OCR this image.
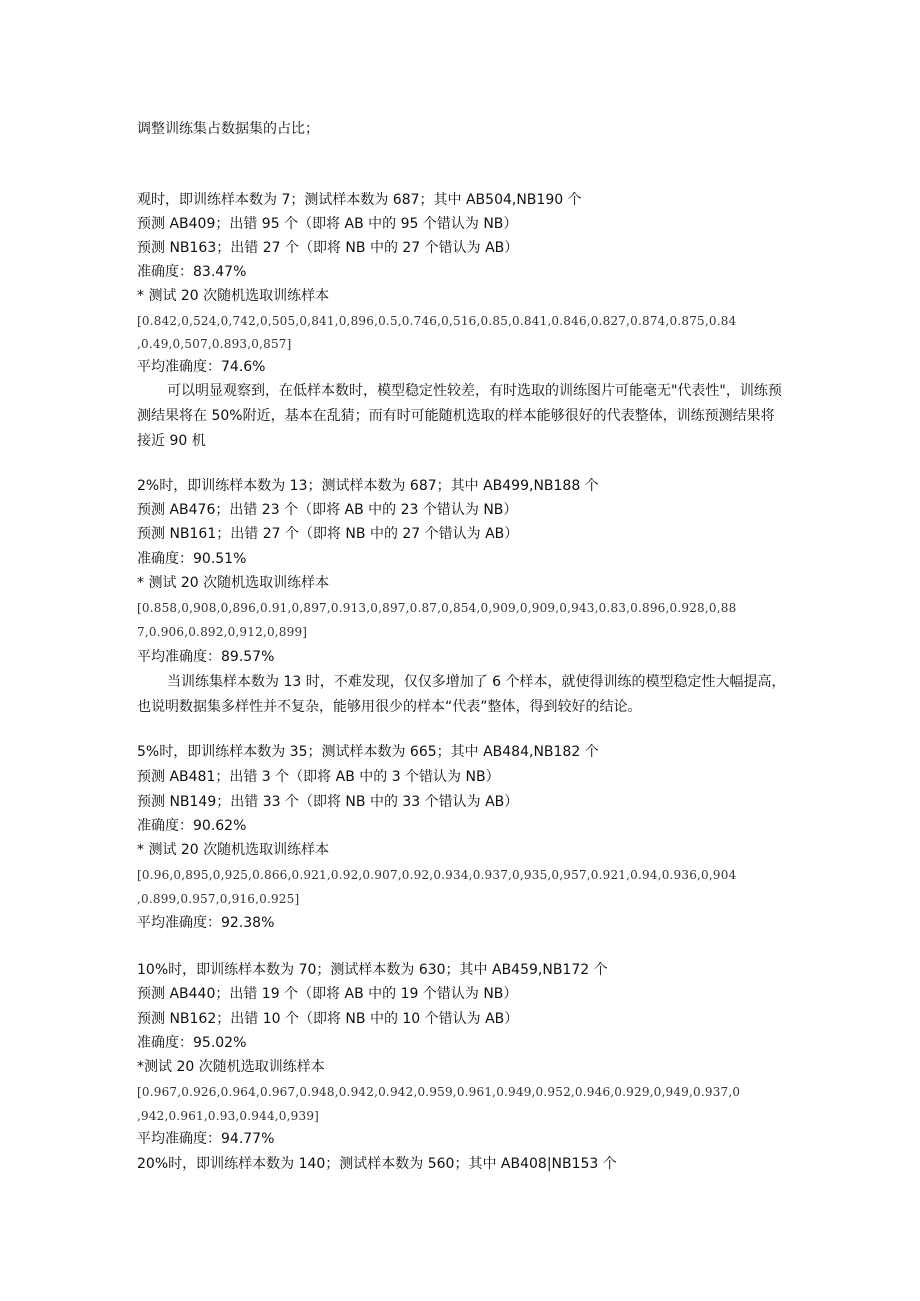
调整训练集占数据集的占比；
观时，即训练样本数为 7；测试样本数为 687；其中 AB504,NB190 个
预测 AB409；出错 95 个（即将 AB 中的 95 个错认为 NB）
预测 NB163；出错 27 个（即将 NB 中的 27 个错认为 AB）
准确度：83.47%
* 测试 20 次随机选取训练样本
[0.842,0,524,0,742,0,505,0,841,0,896,0.5,0.746,0,516,0.85,0.841,0.846,0.827,0.874,0.875,0.84
,0.49,0,507,0.893,0,857]
平均准确度：74.6%
可以明显观察到，在低样本数时，模型稳定性较差，有时选取的训练图片可能毫无"代表性"，训练预测结果将在 50%附近，基本在乱猜；而有时可能随机选取的样本能够很好的代表整体，训练预测结果将接近 90 机
2%时，即训练样本数为 13；测试样本数为 687；其中 AB499,NB188 个
预测 AB476；出错 23 个（即将 AB 中的 23 个错认为 NB）
预测 NB161；出错 27 个（即将 NB 中的 27 个错认为 AB）
准确度：90.51%
* 测试 20 次随机选取训练样本
[0.858,0,908,0,896,0.91,0,897,0.913,0,897,0.87,0,854,0,909,0,909,0,943,0.83,0.896,0.928,0,88
7,0.906,0.892,0,912,0,899]
平均准确度：89.57%
当训练集样本数为 13 时，不难发现，仅仅多增加了 6 个样本，就使得训练的模型稳定性大幅提高，也说明数据集多样性并不复杂，能够用很少的样本“代表”整体，得到较好的结论。
5%时，即训练样本数为 35；测试样本数为 665；其中 AB484,NB182 个
预测 AB481；出错 3 个（即将 AB 中的 3 个错认为 NB）
预测 NB149；出错 33 个（即将 NB 中的 33 个错认为 AB）
准确度：90.62%
* 测试 20 次随机选取训练样本
[0.96,0,895,0,925,0.866,0.921,0.92,0.907,0.92,0.934,0.937,0,935,0,957,0.921,0.94,0.936,0,904
,0.899,0.957,0,916,0.925]
平均准确度：92.38%
10%时，即训练样本数为 70；测试样本数为 630；其中 AB459,NB172 个
预测 AB440；出错 19 个（即将 AB 中的 19 个错认为 NB）
预测 NB162；出错 10 个（即将 NB 中的 10 个错认为 AB）
准确度：95.02%
*测试 20 次随机选取训练样本
[0.967,0.926,0.964,0.967,0.948,0.942,0.942,0.959,0.961,0.949,0.952,0.946,0.929,0,949,0.937,0
,942,0.961,0.93,0.944,0,939]
平均准确度：94.77%
20%时，即训练样本数为 140；测试样本数为 560；其中 AB408|NB153 个
